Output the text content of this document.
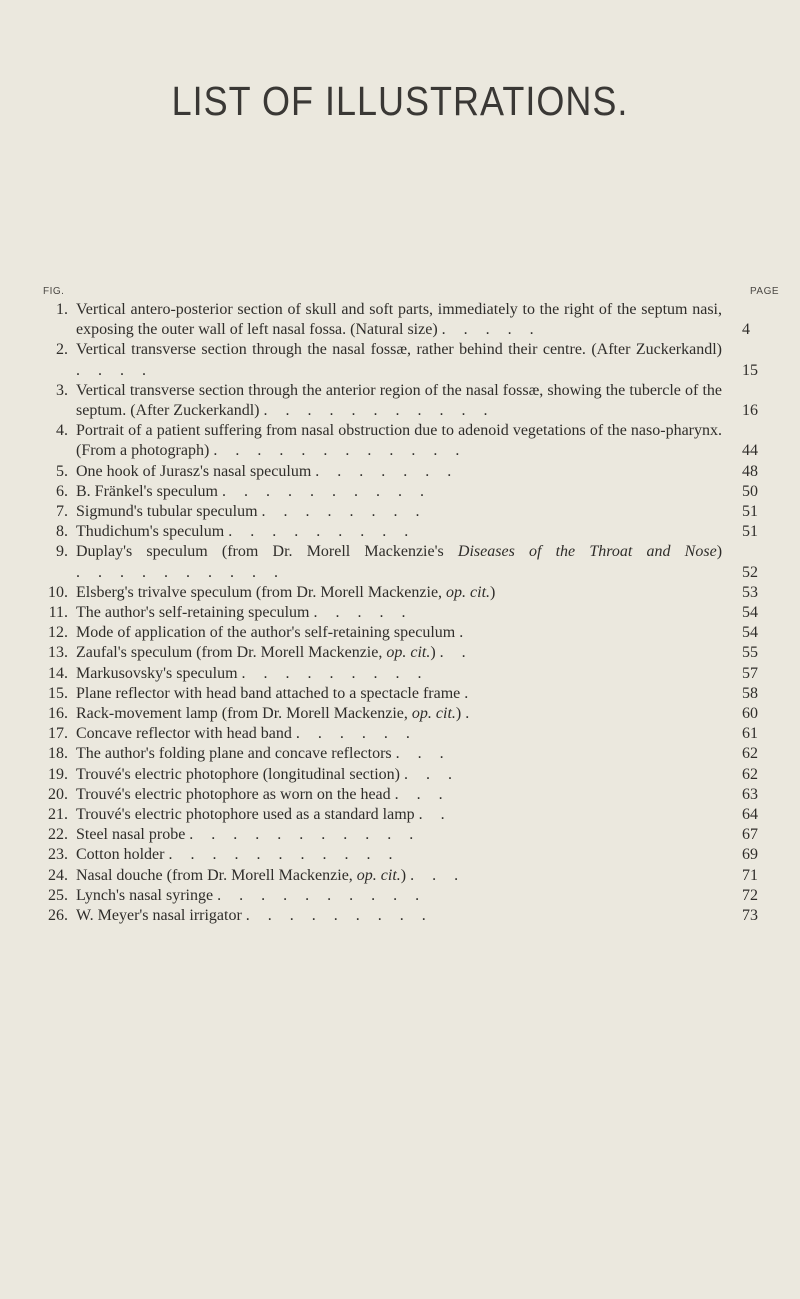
LIST OF ILLUSTRATIONS.
FIG.	PAGE
1. Vertical antero-posterior section of skull and soft parts, immediately to the right of the septum nasi, exposing the outer wall of left nasal fossa. (Natural size) . . . . .	4
2. Vertical transverse section through the nasal fossæ, rather behind their centre. (After Zuckerkandl) . . . .	15
3. Vertical transverse section through the anterior region of the nasal fossæ, showing the tubercle of the septum. (After Zuckerkandl) . . . . . . . . . . .	16
4. Portrait of a patient suffering from nasal obstruction due to adenoid vegetations of the naso-pharynx. (From a photograph) . . . . . . . . . . . .	44
5. One hook of Jurasz's nasal speculum . . . . . . .	48
6. B. Fränkel's speculum . . . . . . . . . .	50
7. Sigmund's tubular speculum . . . . . . . .	51
8. Thudichum's speculum . . . . . . . . .	51
9. Duplay's speculum (from Dr. Morell Mackenzie's Diseases of the Throat and Nose) . . . . . . . . . .	52
10. Elsberg's trivalve speculum (from Dr. Morell Mackenzie, op. cit.)	53
11. The author's self-retaining speculum . . . . .	54
12. Mode of application of the author's self-retaining speculum .	54
13. Zaufal's speculum (from Dr. Morell Mackenzie, op. cit.) . .	55
14. Markusovsky's speculum . . . . . . . . .	57
15. Plane reflector with head band attached to a spectacle frame .	58
16. Rack-movement lamp (from Dr. Morell Mackenzie, op. cit.) .	60
17. Concave reflector with head band . . . . . .	61
18. The author's folding plane and concave reflectors . . .	62
19. Trouvé's electric photophore (longitudinal section) . . .	62
20. Trouvé's electric photophore as worn on the head . . .	63
21. Trouvé's electric photophore used as a standard lamp . .	64
22. Steel nasal probe . . . . . . . . . . .	67
23. Cotton holder . . . . . . . . . . .	69
24. Nasal douche (from Dr. Morell Mackenzie, op. cit.) . . .	71
25. Lynch's nasal syringe . . . . . . . . . .	72
26. W. Meyer's nasal irrigator . . . . . . . . .	73
